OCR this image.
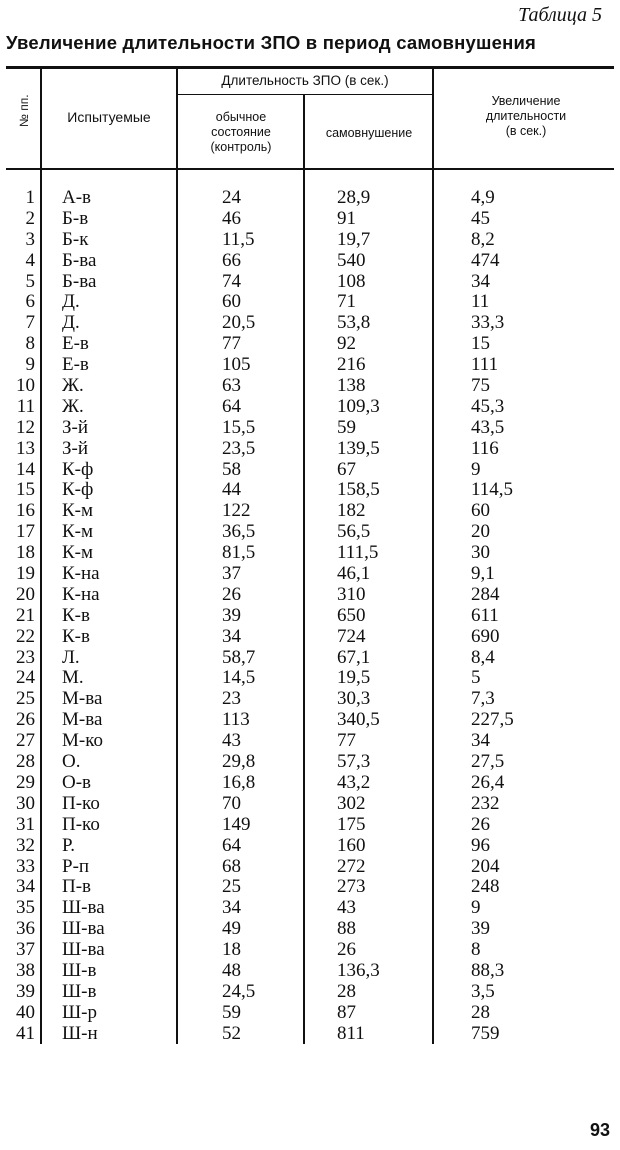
Таблица 5
Увеличение длительности ЗПО в период самовнушения
№ пп.	Испытуемые
Длительность ЗПО (в сек.)
обычное
состояние
(контроль)
самовнушение
Увеличение
длительности
(в сек.)
1 А-в	24	28,9	4,9
2 Б-в	46	91	45
3 Б-к	11,5	19,7	8,2
4 Б-ва	66	540	474
5 Б-ва	74	108	34
6 Д.	60	71	11
7 Д.	20,5	53,8	33,3
8 Е-в	77	92	15
9 Е-в	105	216	111
10 Ж.	63	138	75
11 Ж.	64	109,3	45,3
12 З-й	15,5	59	43,5
13 З-й	23,5	139,5	116
14 К-ф	58	67	9
15 К-ф	44	158,5	114,5
16 К-м	122	182	60
17 К-м	36,5	56,5	20
18 К-м	81,5	111,5	30
19 К-на	37	46,1	9,1
20 К-на	26	310	284
21 К-в	39	650	611
22 К-в	34	724	690
23 Л.	58,7	67,1	8,4
24 М.	14,5	19,5	5
25 М-ва	23	30,3	7,3
26 М-ва	113	340,5	227,5
27 М-ко	43	77	34
28 О.	29,8	57,3	27,5
29 О-в	16,8	43,2	26,4
30 П-ко	70	302	232
31 П-ко	149	175	26
32 Р.	64	160	96
33 Р-п	68	272	204
34 П-в	25	273	248
35 Ш-ва	34	43	9
36 Ш-ва	49	88	39
37 Ш-ва	18	26	8
38 Ш-в	48	136,3	88,3
39 Ш-в	24,5	28	3,5
40 Ш-р	59	87	28
41 Ш-н	52	811	759
93
